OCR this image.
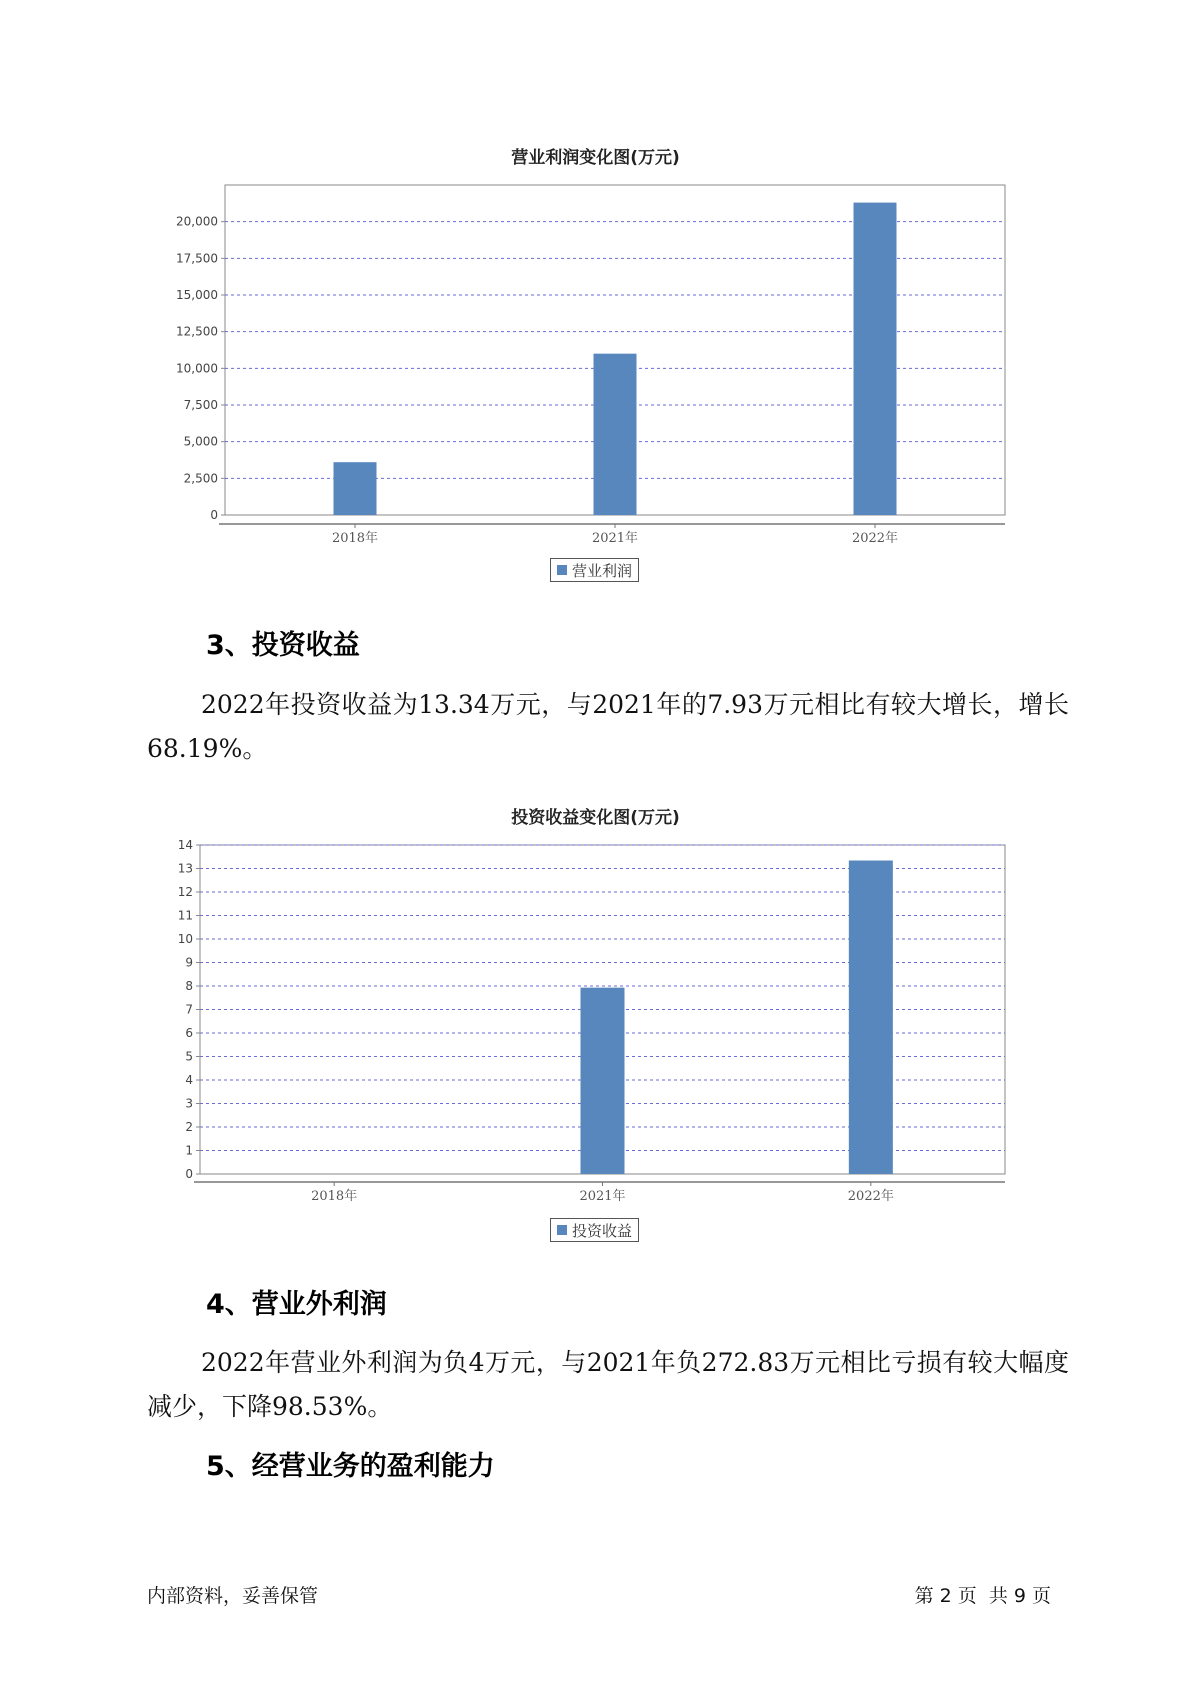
营业利润变化图(万元)
0
2,500
5,000
7,500
10,000
12,500
15,000
17,500
20,000
2018年	2021年	2022年
营业利润
3、投资收益

2022年投资收益为13.34万元，与2021年的7.93万元相比有较大增长，增长68.19%。

投资收益变化图(万元)
0
1
2
3
4
5
6
7
8
9
10
11
12
13
14
2018年	2021年	2022年
投资收益
4、营业外利润

2022年营业外利润为负4万元，与2021年负272.83万元相比亏损有较大幅度减少，下降98.53%。

5、经营业务的盈利能力
内部资料，妥善保管	第 2 页  共 9 页
